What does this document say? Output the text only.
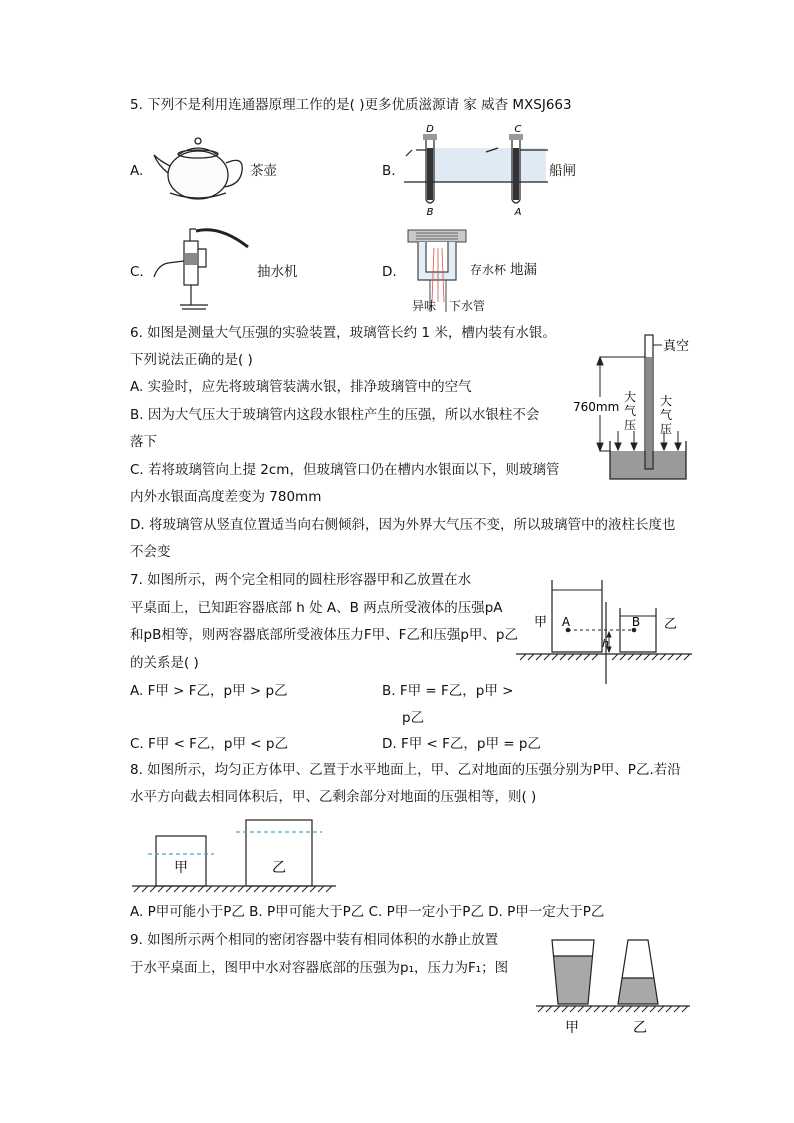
5. 下列不是利用连通器原理工作的是( )更多优质滋源请 家 威杳 MXSJ663
A.	茶壶	B.
D	C
B	A
船闸
C.	抽水机	D.	存水杯 地漏
异味 下水管
6. 如图是测量大气压强的实验装置，玻璃管长约 1 米，槽内装有水银。
下列说法正确的是( )
A. 实验时，应先将玻璃管装满水银，排净玻璃管中的空气
B. 因为大气压大于玻璃管内这段水银柱产生的压强，所以水银柱不会
落下
C. 若将玻璃管向上提 2cm，但玻璃管口仍在槽内水银面以下，则玻璃管
内外水银面高度差变为 780mm
D. 将玻璃管从竖直位置适当向右侧倾斜，因为外界大气压不变，所以玻璃管中的液柱长度也
不会变
真空
760mm
大
气
压
大
气
压
7. 如图所示，两个完全相同的圆柱形容器甲和乙放置在水
平桌面上，已知距容器底部 h 处 A、B 两点所受液体的压强pA
和pB相等，则两容器底部所受液体压力F甲、F乙和压强p甲、p乙
的关系是( )
A. F甲 > F乙，p甲 > p乙	B. F甲 = F乙，p甲 >
p乙
C. F甲 < F乙，p甲 < p乙	D. F甲 < F乙，p甲 = p乙
甲	乙
A	B
h
8. 如图所示，均匀正方体甲、乙置于水平地面上，甲、乙对地面的压强分别为P甲、P乙.若沿
水平方向截去相同体积后，甲、乙剩余部分对地面的压强相等，则( )
甲	乙
A. P甲可能小于P乙 B. P甲可能大于P乙 C. P甲一定小于P乙 D. P甲一定大于P乙
9. 如图所示两个相同的密闭容器中装有相同体积的水静止放置
于水平桌面上，图甲中水对容器底部的压强为p₁，压力为F₁；图
甲	乙
